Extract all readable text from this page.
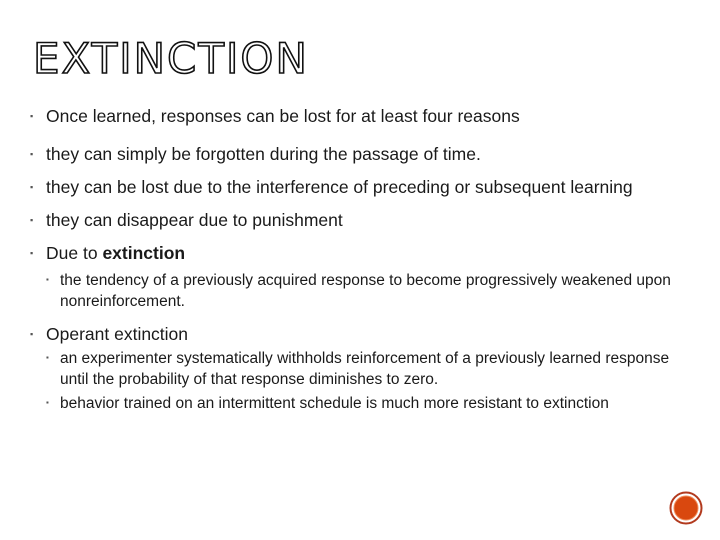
EXTINCTION
▪ Once learned, responses can be lost for at least four reasons
▪ they can simply be forgotten during the passage of time.
▪ they can be lost due to the interference of preceding or subsequent learning
▪ they can disappear due to punishment
▪ Due to extinction
▪ the tendency of a previously acquired response to become progressively weakened upon nonreinforcement.
▪ Operant extinction
▪ an experimenter systematically withholds reinforcement of a previously learned response until the probability of that response diminishes to zero.
▪ behavior trained on an intermittent schedule is much more resistant to extinction
